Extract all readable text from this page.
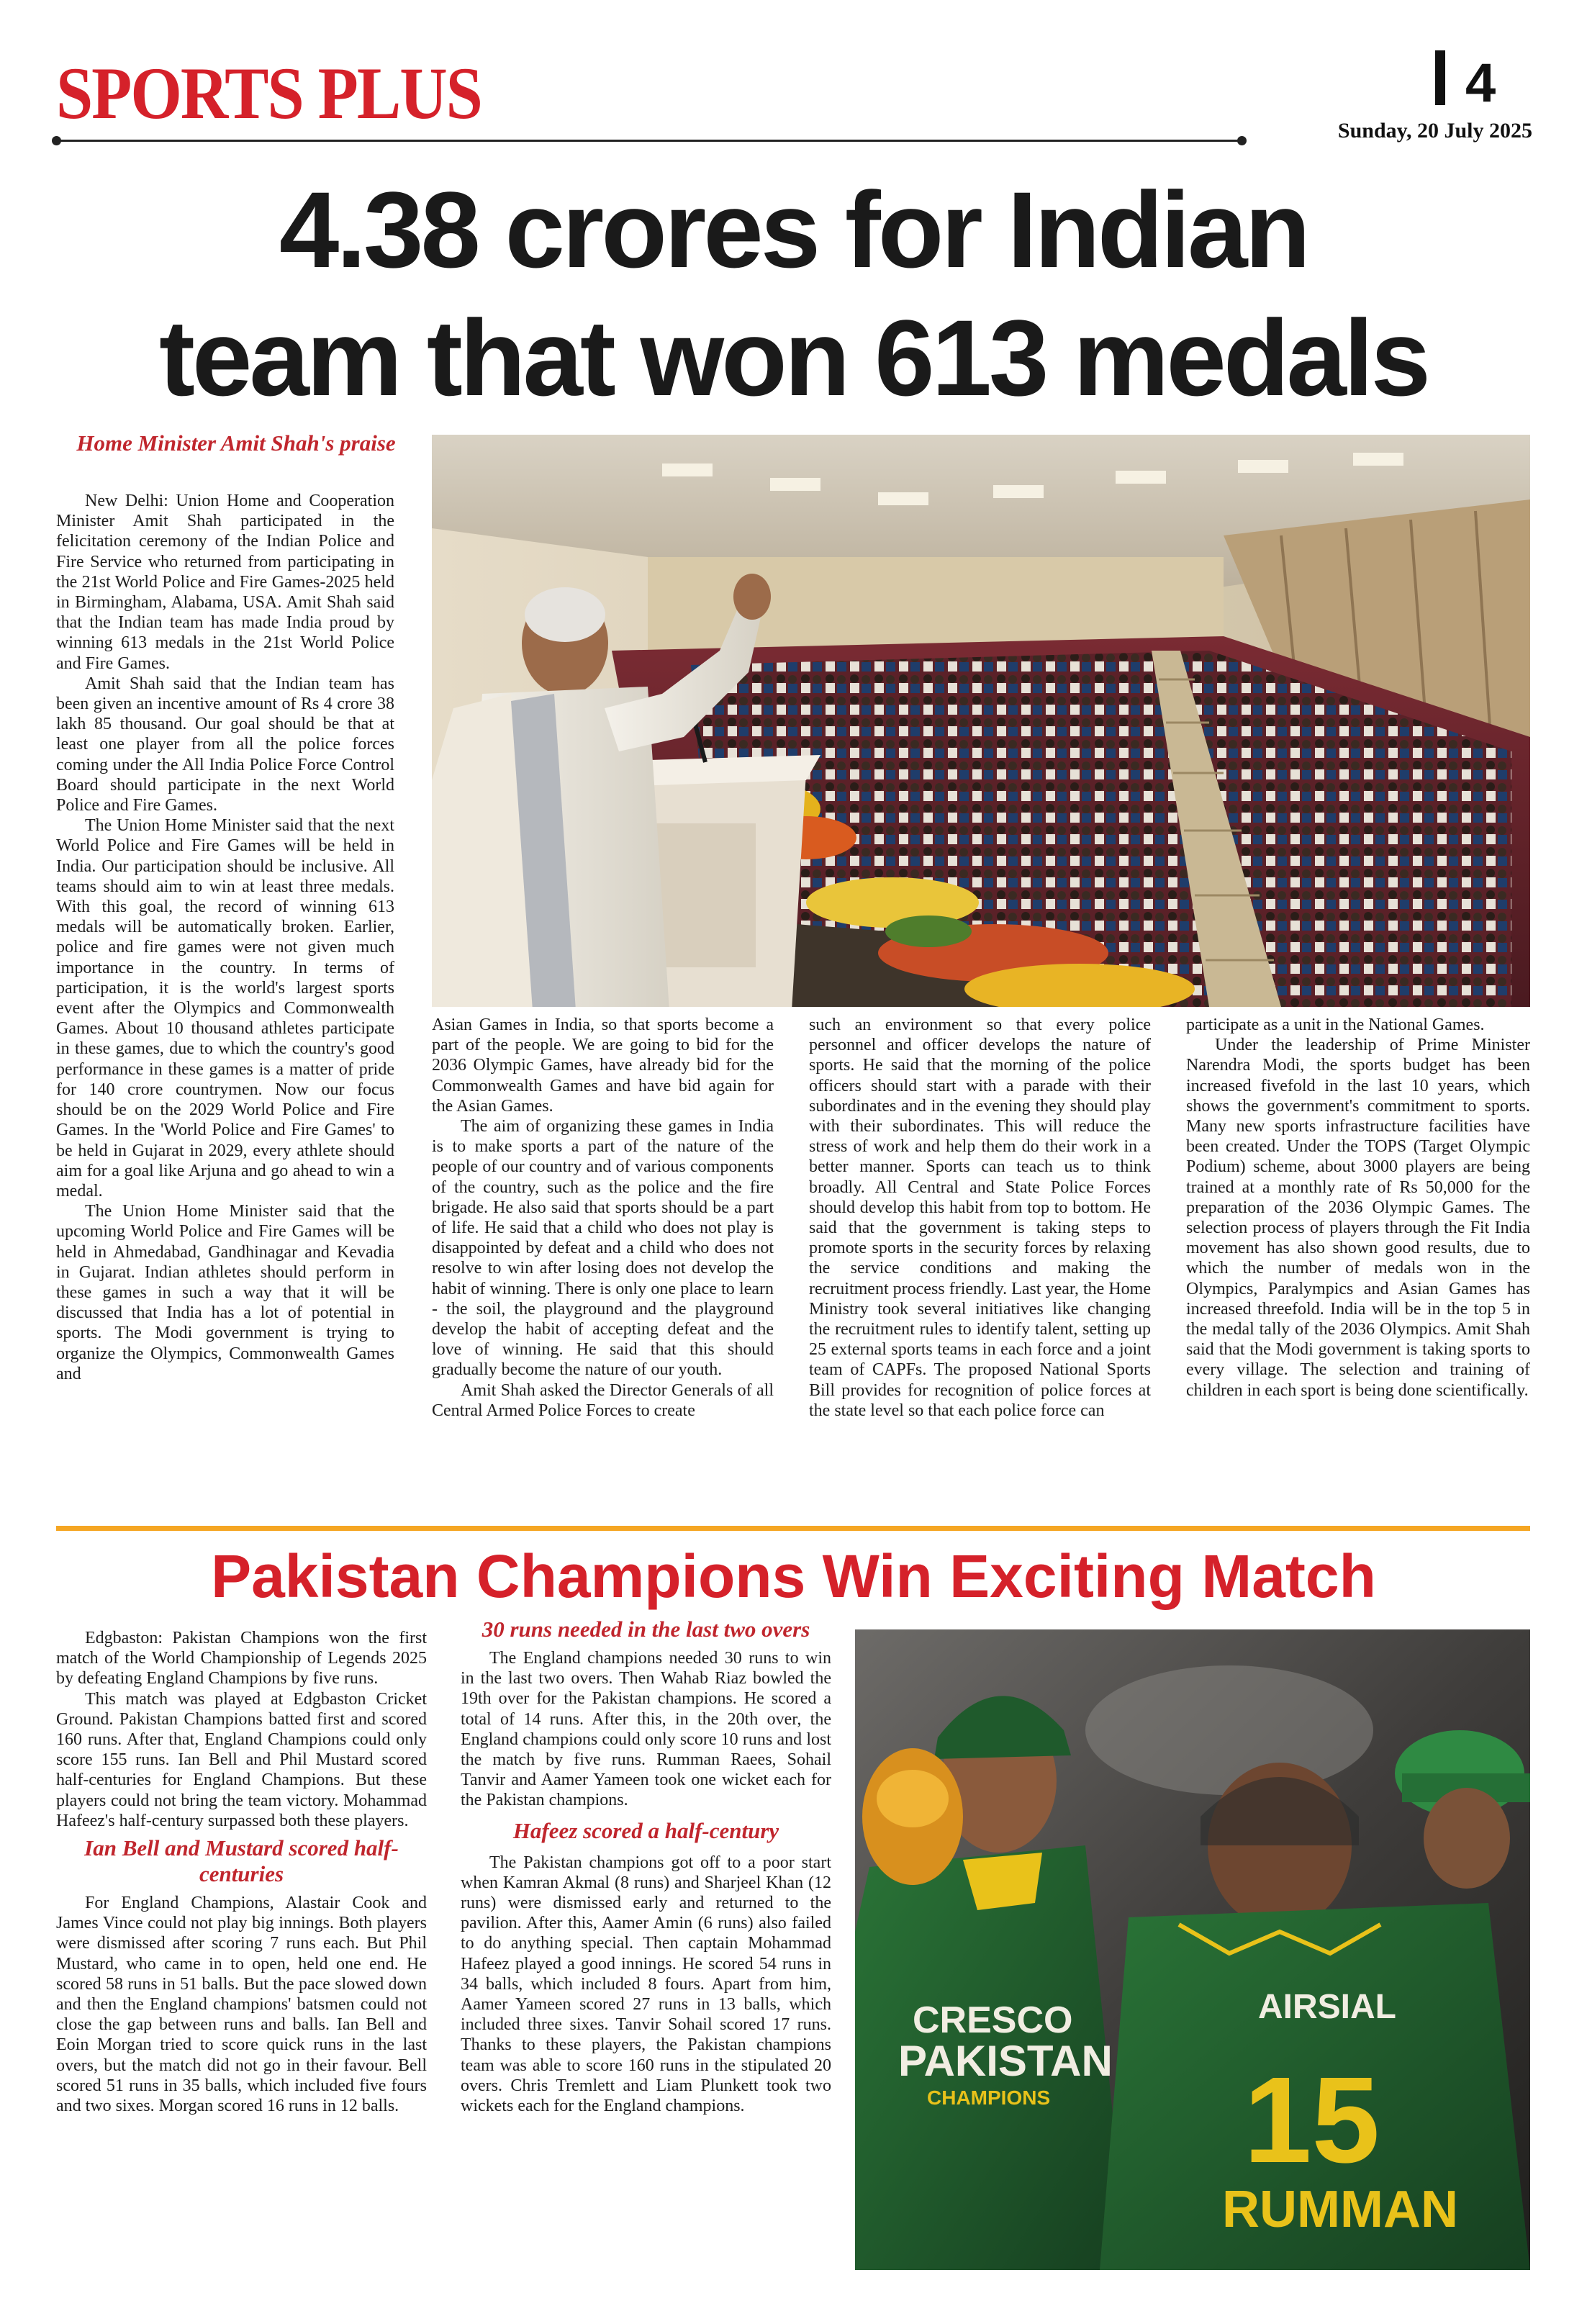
SPORTS PLUS	4
Sunday, 20 July 2025
4.38 crores for Indian
team that won 613 medals
Home Minister Amit Shah's praise

New Delhi: Union Home and Cooperation Minister Amit Shah participated in the felicitation ceremony of the Indian Police and Fire Service who returned from participating in the 21st World Police and Fire Games-2025 held in Birmingham, Alabama, USA. Amit Shah said that the Indian team has made India proud by winning 613 medals in the 21st World Police and Fire Games.

Amit Shah said that the Indian team has been given an incentive amount of Rs 4 crore 38 lakh 85 thousand. Our goal should be that at least one player from all the police forces coming under the All India Police Force Control Board should participate in the next World Police and Fire Games.

The Union Home Minister said that the next World Police and Fire Games will be held in India. Our participation should be inclusive. All teams should aim to win at least three medals. With this goal, the record of winning 613 medals will be automatically broken. Earlier, police and fire games were not given much importance in the country. In terms of participation, it is the world's largest sports event after the Olympics and Commonwealth Games. About 10 thousand athletes participate in these games, due to which the country's good performance in these games is a matter of pride for 140 crore countrymen. Now our focus should be on the 2029 World Police and Fire Games. In the 'World Police and Fire Games' to be held in Gujarat in 2029, every athlete should aim for a goal like Arjuna and go ahead to win a medal.

The Union Home Minister said that the upcoming World Police and Fire Games will be held in Ahmedabad, Gandhinagar and Kevadia in Gujarat. Indian athletes should perform in these games in such a way that it will be discussed that India has a lot of potential in sports. The Modi government is trying to organize the Olympics, Commonwealth Games and

Asian Games in India, so that sports become a part of the people. We are going to bid for the 2036 Olympic Games, have already bid for the Commonwealth Games and have bid again for the Asian Games.

The aim of organizing these games in India is to make sports a part of the nature of the people of our country and of various components of the country, such as the police and the fire brigade. He also said that sports should be a part of life. He said that a child who does not play is disappointed by defeat and a child who does not resolve to win after losing does not develop the habit of winning. There is only one place to learn - the soil, the playground and the playground develop the habit of accepting defeat and the love of winning. He said that this should gradually become the nature of our youth.

Amit Shah asked the Director Generals of all Central Armed Police Forces to create

such an environment so that every police personnel and officer develops the nature of sports. He said that the morning of the police officers should start with a parade with their subordinates and in the evening they should play with their subordinates. This will reduce the stress of work and help them do their work in a better manner. Sports can teach us to think broadly. All Central and State Police Forces should develop this habit from top to bottom. He said that the government is taking steps to promote sports in the security forces by relaxing the service conditions and making the recruitment process friendly. Last year, the Home Ministry took several initiatives like changing the recruitment rules to identify talent, setting up 25 external sports teams in each force and a joint team of CAPFs. The proposed National Sports Bill provides for recognition of police forces at the state level so that each police force can

participate as a unit in the National Games.

Under the leadership of Prime Minister Narendra Modi, the sports budget has been increased fivefold in the last 10 years, which shows the government's commitment to sports. Many new sports infrastructure facilities have been created. Under the TOPS (Target Olympic Podium) scheme, about 3000 players are being trained at a monthly rate of Rs 50,000 for the preparation of the 2036 Olympic Games. The selection process of players through the Fit India movement has also shown good results, due to which the number of medals won in the Olympics, Paralympics and Asian Games has increased threefold. India will be in the top 5 in the medal tally of the 2036 Olympics. Amit Shah said that the Modi government is taking sports to every village. The selection and training of children in each sport is being done scientifically.

Pakistan Champions Win Exciting Match

Edgbaston: Pakistan Champions won the first match of the World Championship of Legends 2025 by defeating England Champions by five runs.

This match was played at Edgbaston Cricket Ground. Pakistan Champions batted first and scored 160 runs. After that, England Champions could only score 155 runs. Ian Bell and Phil Mustard scored half-centuries for England Champions. But these players could not bring the team victory. Mohammad Hafeez's half-century surpassed both these players.

Ian Bell and Mustard scored half-centuries

For England Champions, Alastair Cook and James Vince could not play big innings. Both players were dismissed after scoring 7 runs each. But Phil Mustard, who came in to open, held one end. He scored 58 runs in 51 balls. But the pace slowed down and then the England champions' batsmen could not close the gap between runs and balls. Ian Bell and Eoin Morgan tried to score quick runs in the last overs, but the match did not go in their favour. Bell scored 51 runs in 35 balls, which included five fours and two sixes. Morgan scored 16 runs in 12 balls.

30 runs needed in the last two overs

The England champions needed 30 runs to win in the last two overs. Then Wahab Riaz bowled the 19th over for the Pakistan champions. He scored a total of 14 runs. After this, in the 20th over, the England champions could only score 10 runs and lost the match by five runs. Rumman Raees, Sohail Tanvir and Aamer Yameen took one wicket each for the Pakistan champions.

Hafeez scored a half-century

The Pakistan champions got off to a poor start when Kamran Akmal (8 runs) and Sharjeel Khan (12 runs) were dismissed early and returned to the pavilion. After this, Aamer Amin (6 runs) also failed to do anything special. Then captain Mohammad Hafeez played a good innings. He scored 54 runs in 34 balls, which included 8 fours. Apart from him, Aamer Yameen scored 27 runs in 13 balls, which included three sixes. Tanvir Sohail scored 17 runs. Thanks to these players, the Pakistan champions team was able to score 160 runs in the stipulated 20 overs. Chris Tremlett and Liam Plunkett took two wickets each for the England champions.

AIRSIAL
15
RUMMAN
CRESCO
PAKISTAN
CHAMPIONS
